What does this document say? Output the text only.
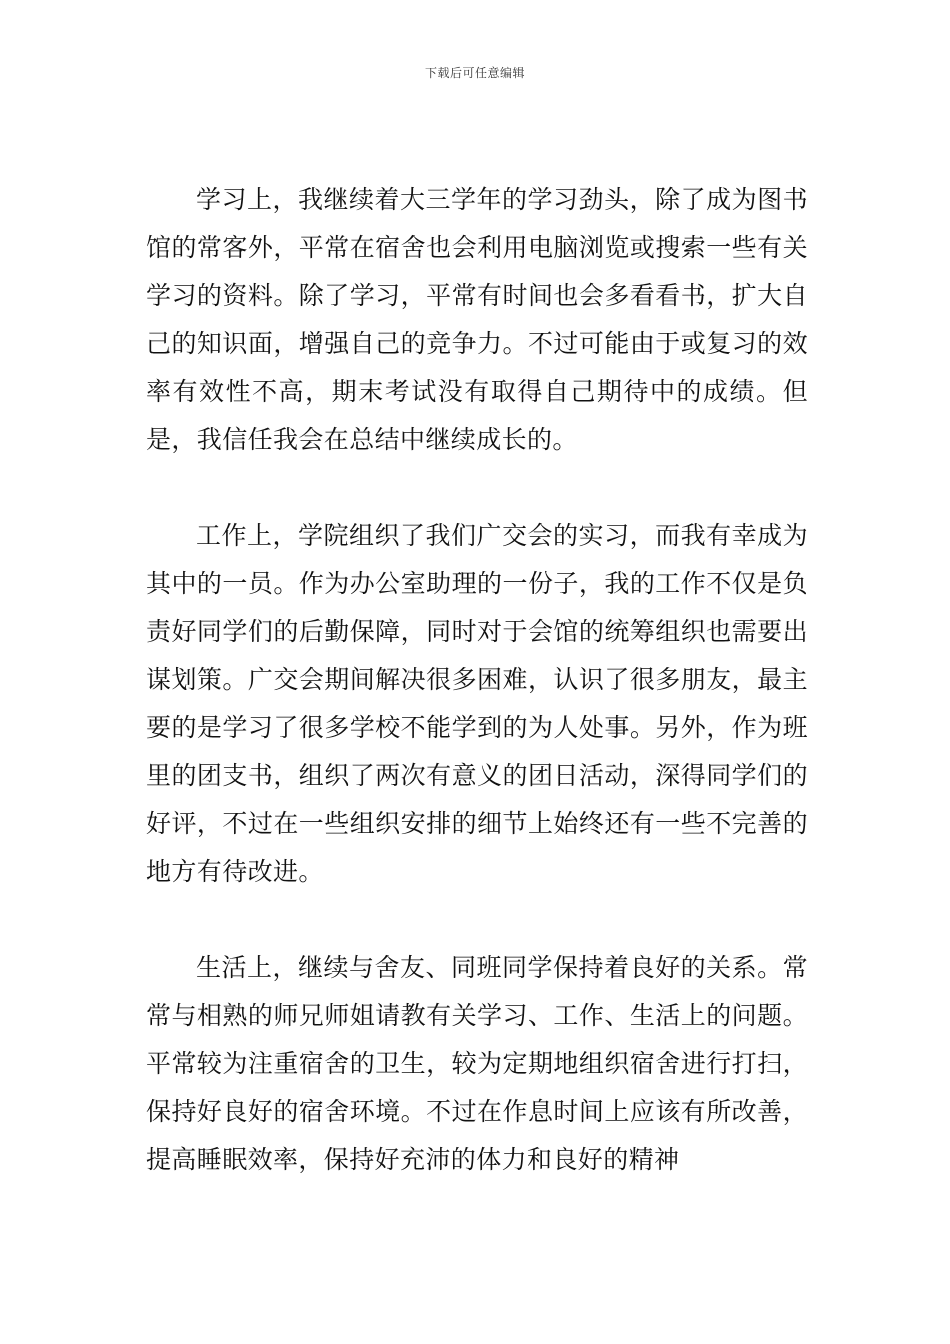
下载后可任意编辑

学习上，我继续着大三学年的学习劲头，除了成为图书馆的常客外，平常在宿舍也会利用电脑浏览或搜索一些有关学习的资料。除了学习，平常有时间也会多看看书，扩大自己的知识面，增强自己的竞争力。不过可能由于或复习的效率有效性不高，期末考试没有取得自己期待中的成绩。但是，我信任我会在总结中继续成长的。

工作上，学院组织了我们广交会的实习，而我有幸成为其中的一员。作为办公室助理的一份子，我的工作不仅是负责好同学们的后勤保障，同时对于会馆的统筹组织也需要出谋划策。广交会期间解决很多困难，认识了很多朋友，最主要的是学习了很多学校不能学到的为人处事。另外，作为班里的团支书，组织了两次有意义的团日活动，深得同学们的好评，不过在一些组织安排的细节上始终还有一些不完善的地方有待改进。

生活上，继续与舍友、同班同学保持着良好的关系。常常与相熟的师兄师姐请教有关学习、工作、生活上的问题。平常较为注重宿舍的卫生，较为定期地组织宿舍进行打扫，保持好良好的宿舍环境。不过在作息时间上应该有所改善，提高睡眠效率，保持好充沛的体力和良好的精神
